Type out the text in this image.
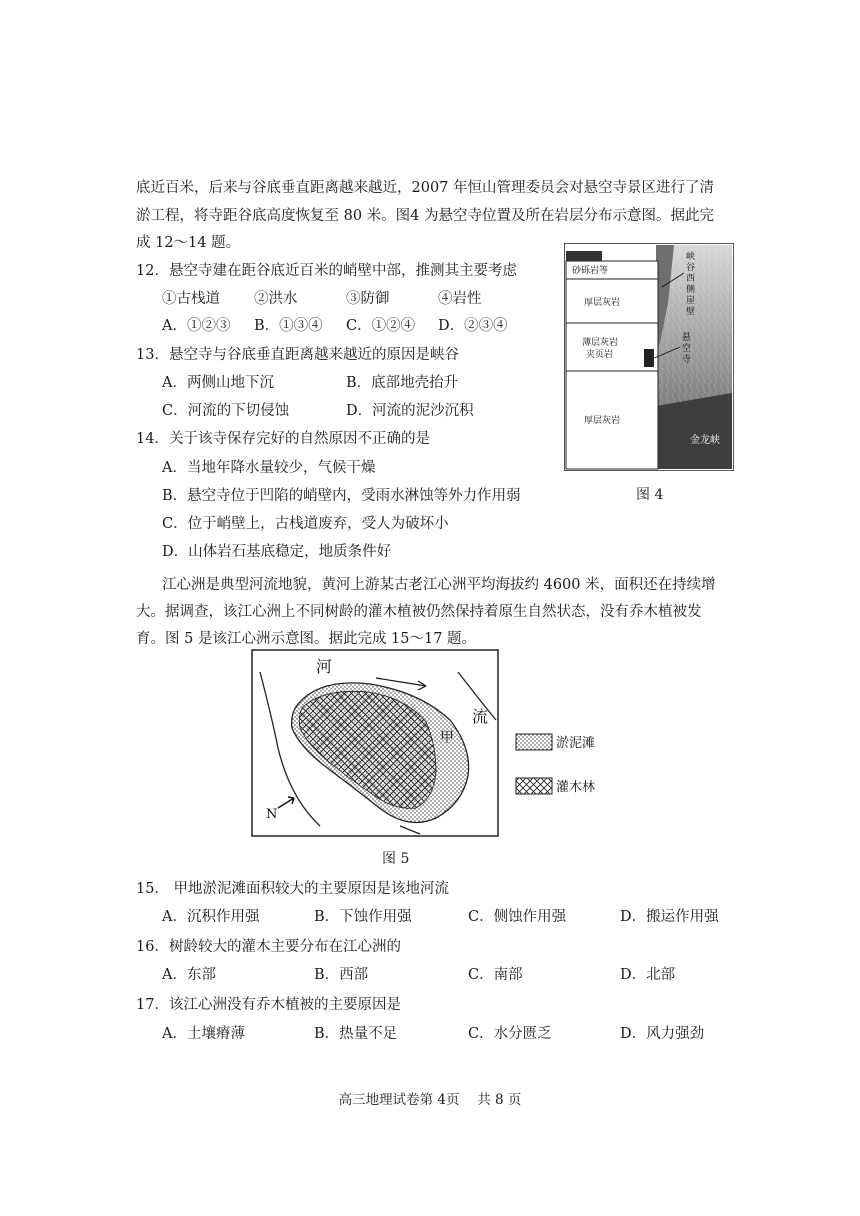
底近百米，后来与谷底垂直距离越来越近，2007 年恒山管理委员会对悬空寺景区进行了清
淤工程，将寺距谷底高度恢复至 80 米。图4 为悬空寺位置及所在岩层分布示意图。据此完
成 12～14 题。
12．悬空寺建在距谷底近百米的峭壁中部，推测其主要考虑
①古栈道 ②洪水	③防御	④岩性
A．①②③ B．①③④ C．①②④ D．②③④
13．悬空寺与谷底垂直距离越来越近的原因是峡谷
A．两侧山地下沉	B．底部地壳抬升
C．河流的下切侵蚀	D．河流的泥沙沉积
14．关于该寺保存完好的自然原因不正确的是
A．当地年降水量较少，气候干燥
B．悬空寺位于凹陷的峭壁内，受雨水淋蚀等外力作用弱
C．位于峭壁上，古栈道废弃，受人为破坏小
D．山体岩石基底稳定，地质条件好
砂砾岩等
厚层灰岩
薄层灰岩
夹页岩
厚层灰岩
峡
谷
西
侧
崖
壁
悬
空
寺
金龙峡
图 4
江心洲是典型河流地貌，黄河上游某古老江心洲平均海拔约 4600 米，面积还在持续增
大。据调查，该江心洲上不同树龄的灌木植被仍然保持着原生自然状态，没有乔木植被发
育。图 5 是该江心洲示意图。据此完成 15～17 题。
河
流
甲
N
淤泥滩
灌木林
图 5
15． 甲地淤泥滩面积较大的主要原因是该地河流
A．沉积作用强	B．下蚀作用强	C．侧蚀作用强	D．搬运作用强
16．树龄较大的灌木主要分布在江心洲的
A．东部	B．西部	C．南部	D．北部
17．该江心洲没有乔木植被的主要原因是
A．土壤瘠薄	B．热量不足	C．水分匮乏	D．风力强劲
高三地理试卷第 4页　 共 8 页
